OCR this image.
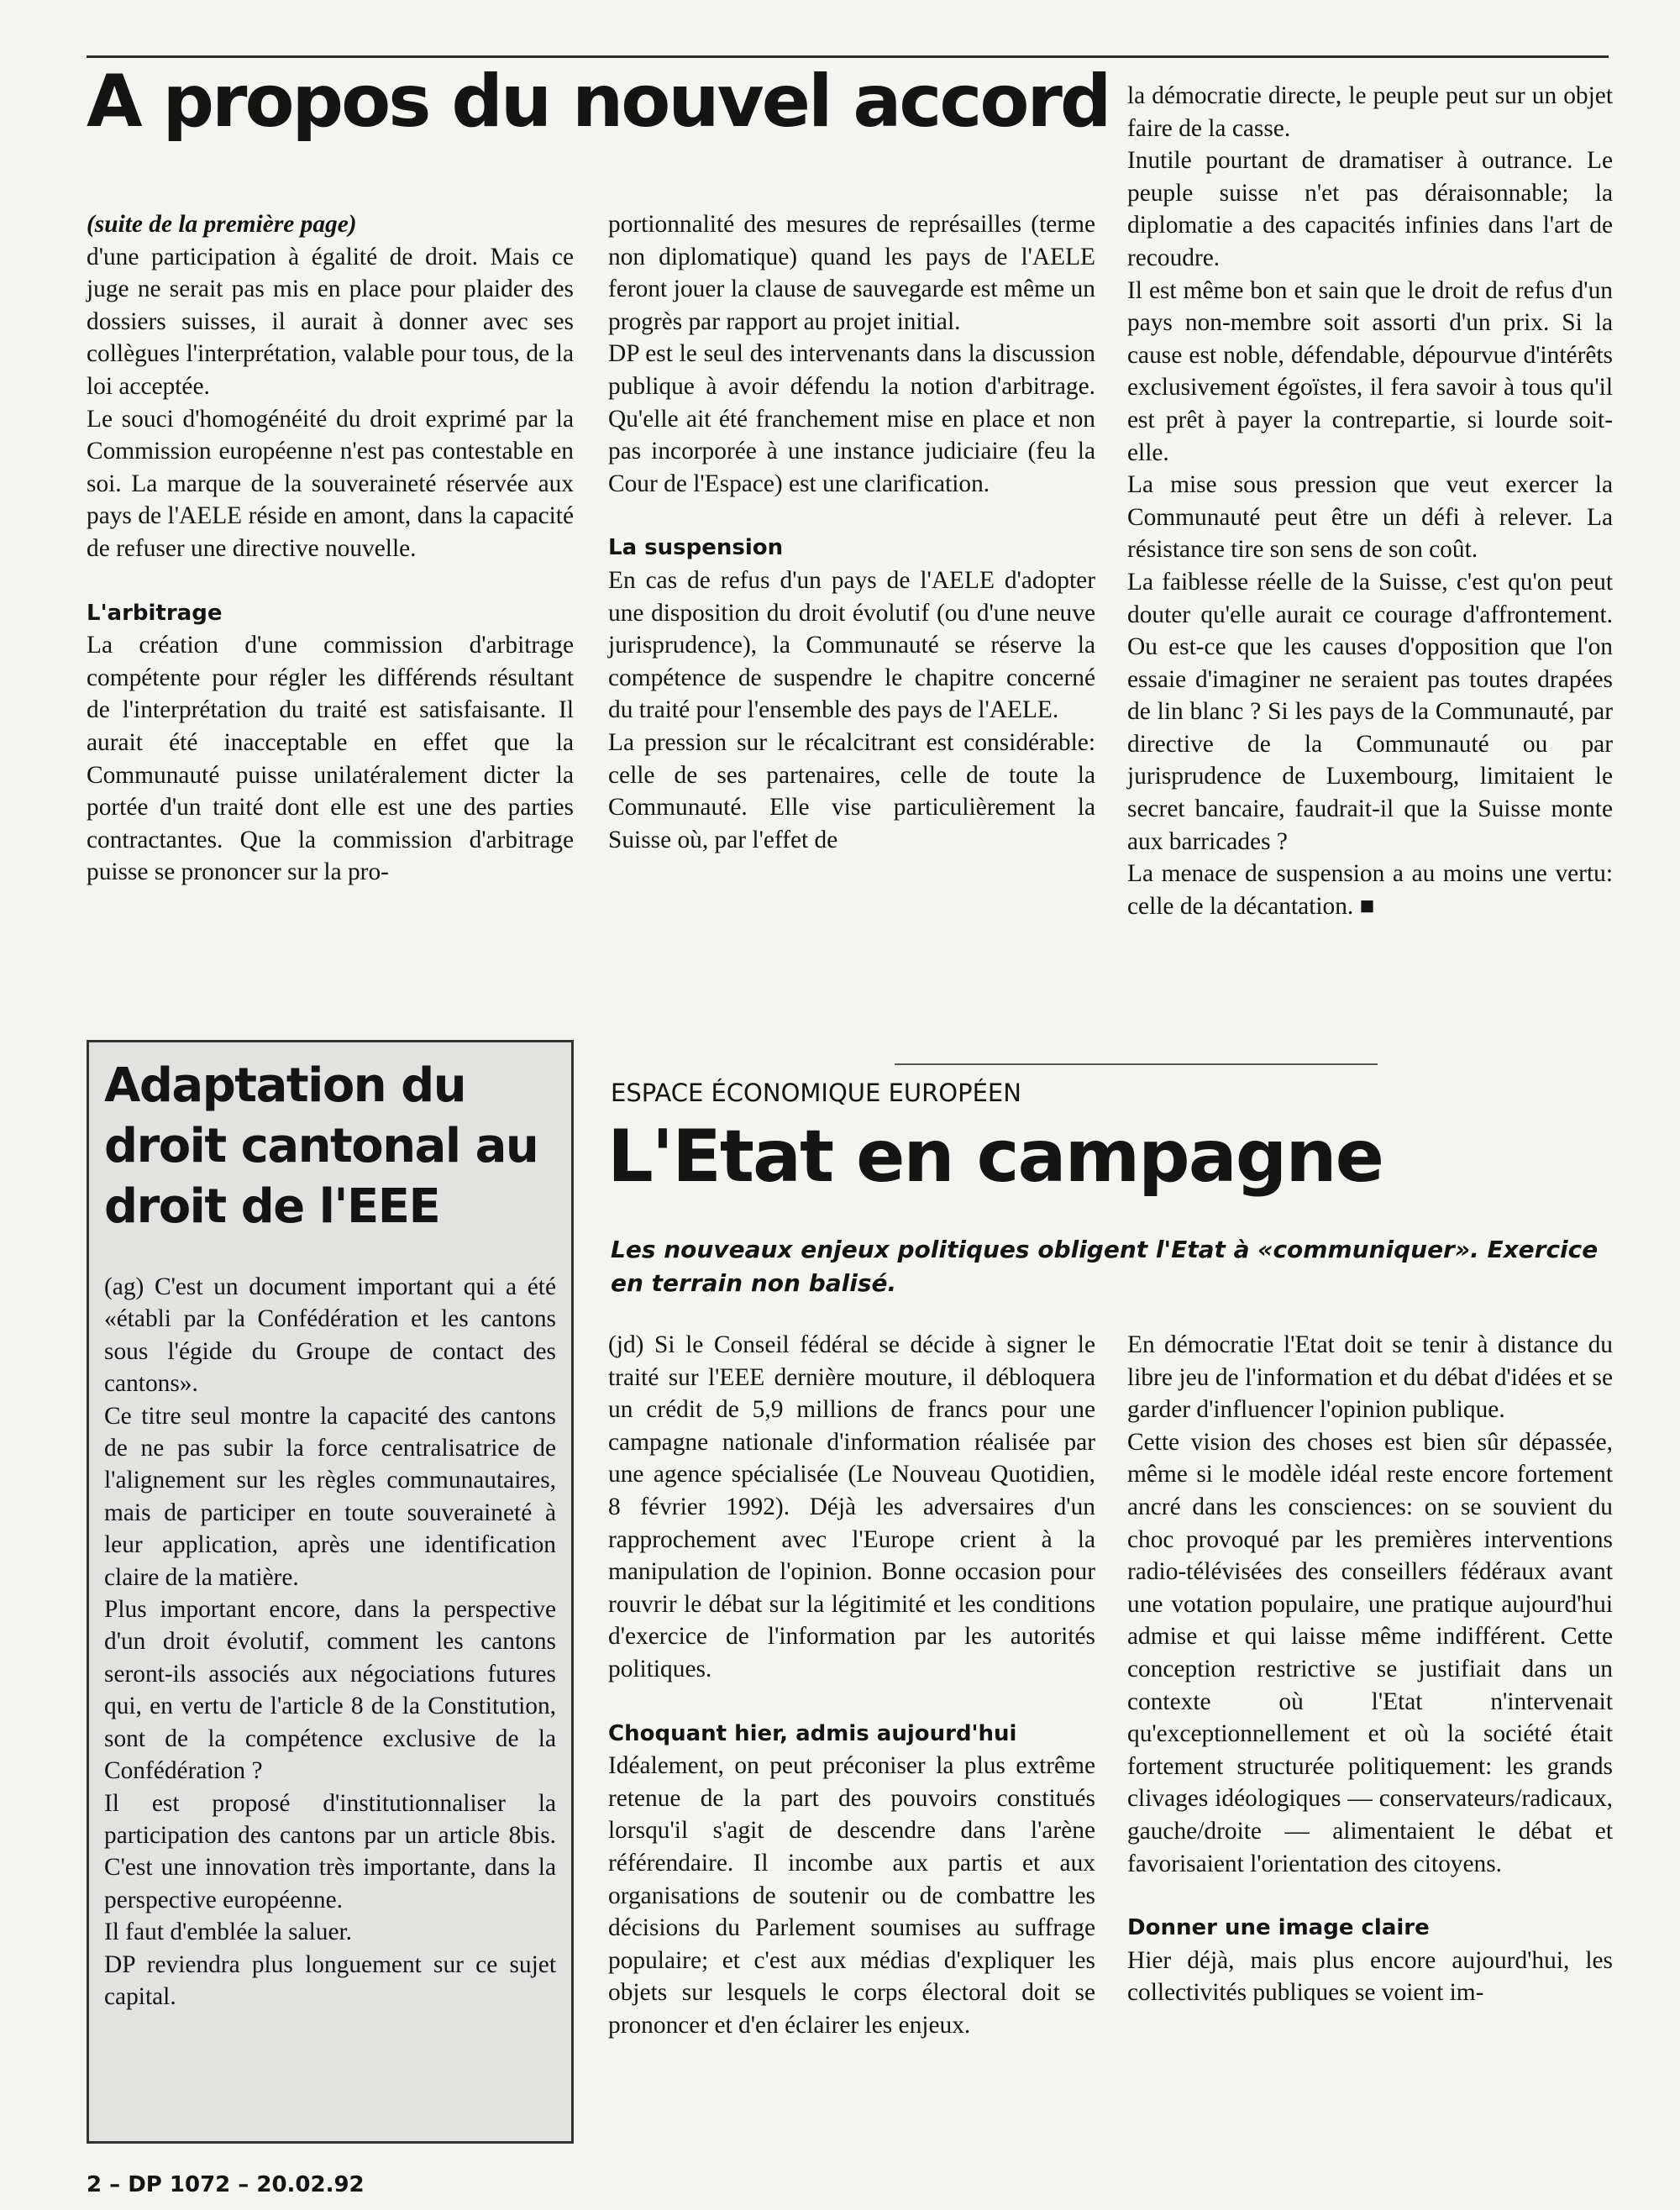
A propos du nouvel accord

(suite de la première page)

d'une participation à égalité de droit. Mais ce juge ne serait pas mis en place pour plaider des dossiers suisses, il aurait à donner avec ses collègues l'interprétation, valable pour tous, de la loi acceptée.

Le souci d'homogénéité du droit exprimé par la Commission européenne n'est pas contestable en soi. La marque de la souveraineté réservée aux pays de l'AELE réside en amont, dans la capacité de refuser une directive nouvelle.

L'arbitrage

La création d'une commission d'arbitrage compétente pour régler les différends résultant de l'interprétation du traité est satisfaisante. Il aurait été inacceptable en effet que la Communauté puisse unilatéralement dicter la portée d'un traité dont elle est une des parties contractantes. Que la commission d'arbitrage puisse se prononcer sur la pro-

portionnalité des mesures de représailles (terme non diplomatique) quand les pays de l'AELE feront jouer la clause de sauvegarde est même un progrès par rapport au projet initial.

DP est le seul des intervenants dans la discussion publique à avoir défendu la notion d'arbitrage. Qu'elle ait été franchement mise en place et non pas incorporée à une instance judiciaire (feu la Cour de l'Espace) est une clarification.

La suspension

En cas de refus d'un pays de l'AELE d'adopter une disposition du droit évolutif (ou d'une neuve jurisprudence), la Communauté se réserve la compétence de suspendre le chapitre concerné du traité pour l'ensemble des pays de l'AELE.

La pression sur le récalcitrant est considérable: celle de ses partenaires, celle de toute la Communauté. Elle vise particulièrement la Suisse où, par l'effet de

la démocratie directe, le peuple peut sur un objet faire de la casse.

Inutile pourtant de dramatiser à outrance. Le peuple suisse n'et pas déraisonnable; la diplomatie a des capacités infinies dans l'art de recoudre.

Il est même bon et sain que le droit de refus d'un pays non-membre soit assorti d'un prix. Si la cause est noble, défendable, dépourvue d'intérêts exclusivement égoïstes, il fera savoir à tous qu'il est prêt à payer la contrepartie, si lourde soit-elle.

La mise sous pression que veut exercer la Communauté peut être un défi à relever. La résistance tire son sens de son coût.

La faiblesse réelle de la Suisse, c'est qu'on peut douter qu'elle aurait ce courage d'affrontement. Ou est-ce que les causes d'opposition que l'on essaie d'imaginer ne seraient pas toutes drapées de lin blanc ? Si les pays de la Communauté, par directive de la Communauté ou par jurisprudence de Luxembourg, limitaient le secret bancaire, faudrait-il que la Suisse monte aux barricades ?

La menace de suspension a au moins une vertu: celle de la décantation. ■

Adaptation du droit cantonal au droit de l'EEE

(ag) C'est un document important qui a été «établi par la Confédération et les cantons sous l'égide du Groupe de contact des cantons».

Ce titre seul montre la capacité des cantons de ne pas subir la force centralisatrice de l'alignement sur les règles communautaires, mais de participer en toute souveraineté à leur application, après une identification claire de la matière.

Plus important encore, dans la perspective d'un droit évolutif, comment les cantons seront-ils associés aux négociations futures qui, en vertu de l'article 8 de la Constitution, sont de la compétence exclusive de la Confédération ?

Il est proposé d'institutionnaliser la participation des cantons par un article 8bis. C'est une innovation très importante, dans la perspective européenne.

Il faut d'emblée la saluer.

DP reviendra plus longuement sur ce sujet capital.

ESPACE ÉCONOMIQUE EUROPÉEN
L'Etat en campagne

Les nouveaux enjeux politiques obligent l'Etat à «communiquer». Exercice en terrain non balisé.

(jd) Si le Conseil fédéral se décide à signer le traité sur l'EEE dernière mouture, il débloquera un crédit de 5,9 millions de francs pour une campagne nationale d'information réalisée par une agence spécialisée (Le Nouveau Quotidien, 8 février 1992). Déjà les adversaires d'un rapprochement avec l'Europe crient à la manipulation de l'opinion. Bonne occasion pour rouvrir le débat sur la légitimité et les conditions d'exercice de l'information par les autorités politiques.

Choquant hier, admis aujourd'hui

Idéalement, on peut préconiser la plus extrême retenue de la part des pouvoirs constitués lorsqu'il s'agit de descendre dans l'arène référendaire. Il incombe aux partis et aux organisations de soutenir ou de combattre les décisions du Parlement soumises au suffrage populaire; et c'est aux médias d'expliquer les objets sur lesquels le corps électoral doit se prononcer et d'en éclairer les enjeux.

En démocratie l'Etat doit se tenir à distance du libre jeu de l'information et du débat d'idées et se garder d'influencer l'opinion publique.

Cette vision des choses est bien sûr dépassée, même si le modèle idéal reste encore fortement ancré dans les consciences: on se souvient du choc provoqué par les premières interventions radio-télévisées des conseillers fédéraux avant une votation populaire, une pratique aujourd'hui admise et qui laisse même indifférent. Cette conception restrictive se justifiait dans un contexte où l'Etat n'intervenait qu'exceptionnellement et où la société était fortement structurée politiquement: les grands clivages idéologiques — conservateurs/radicaux, gauche/droite — alimentaient le débat et favorisaient l'orientation des citoyens.

Donner une image claire

Hier déjà, mais plus encore aujourd'hui, les collectivités publiques se voient im-

2 – DP 1072 – 20.02.92
